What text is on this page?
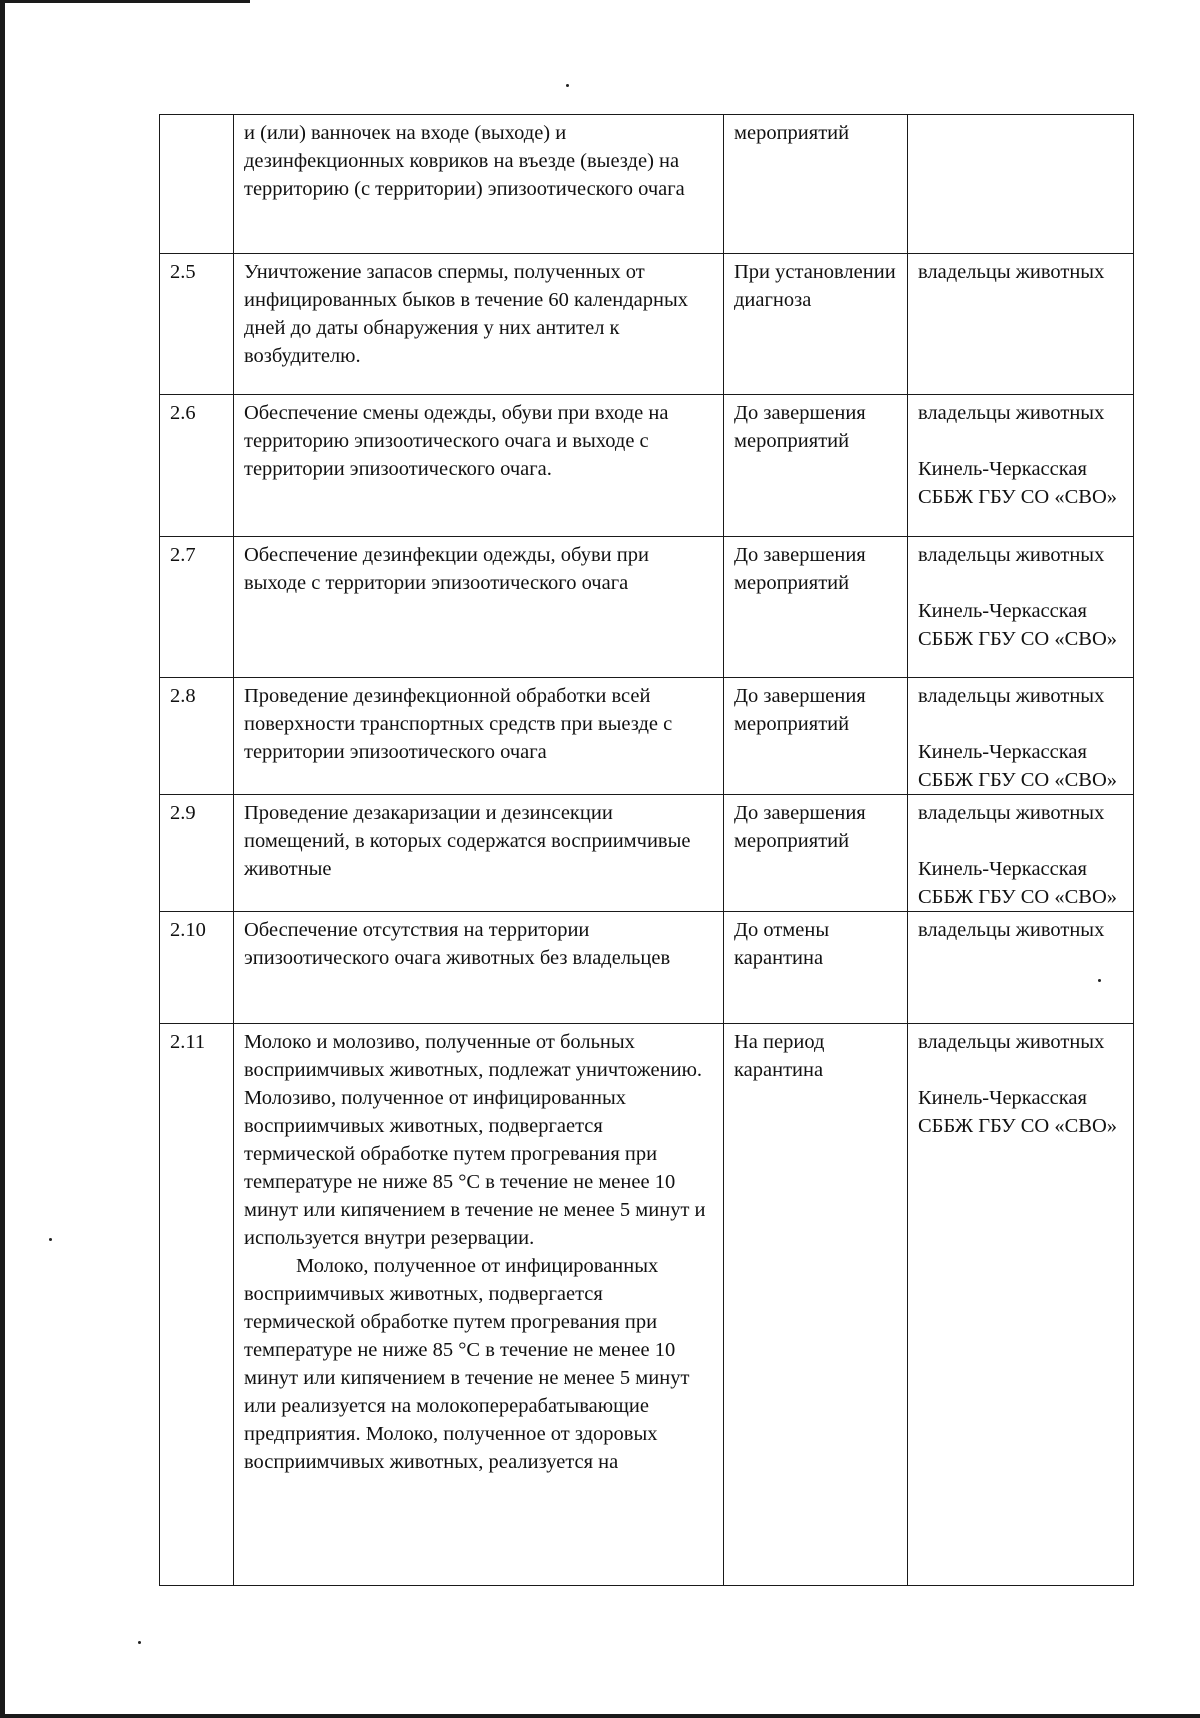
	и (или) ванночек на входе (выходе) и дезинфекционных ковриков на въезде (выезде) на территорию (с территории) эпизоотического очага	мероприятий	

2.5	Уничтожение запасов спермы, полученных от инфицированных быков в течение 60 календарных дней до даты обнаружения у них антител к возбудителю.	При установлении диагноза	владельцы животных

2.6	Обеспечение смены одежды, обуви при входе на территорию эпизоотического очага и выходе с территории эпизоотического очага.	До завершения мероприятий	владельцы животных
Кинель-Черкасская СББЖ ГБУ СО «СВО»

2.7	Обеспечение дезинфекции одежды, обуви при выходе с территории эпизоотического очага	До завершения мероприятий	владельцы животных
Кинель-Черкасская СББЖ ГБУ СО «СВО»

2.8	Проведение дезинфекционной обработки всей поверхности транспортных средств при выезде с территории эпизоотического очага	До завершения мероприятий	владельцы животных
Кинель-Черкасская СББЖ ГБУ СО «СВО»

2.9	Проведение дезакаризации и дезинсекции помещений, в которых содержатся восприимчивые животные	До завершения мероприятий	владельцы животных
Кинель-Черкасская СББЖ ГБУ СО «СВО»

2.10	Обеспечение отсутствия на территории эпизоотического очага животных без владельцев	До отмены карантина	владельцы животных

2.11	Молоко и молозиво, полученные от больных восприимчивых животных, подлежат уничтожению. Молозиво, полученное от инфицированных восприимчивых животных, подвергается термической обработке путем прогревания при температуре не ниже 85 °С в течение не менее 10 минут или кипячением в течение не менее 5 минут и используется внутри резервации.
Молоко, полученное от инфицированных восприимчивых животных, подвергается термической обработке путем прогревания при температуре не ниже 85 °С в течение не менее 10 минут или кипячением в течение не менее 5 минут или реализуется на молокоперерабатывающие предприятия. Молоко, полученное от здоровых восприимчивых животных, реализуется на	На период карантина	владельцы животных
Кинель-Черкасская СББЖ ГБУ СО «СВО»
